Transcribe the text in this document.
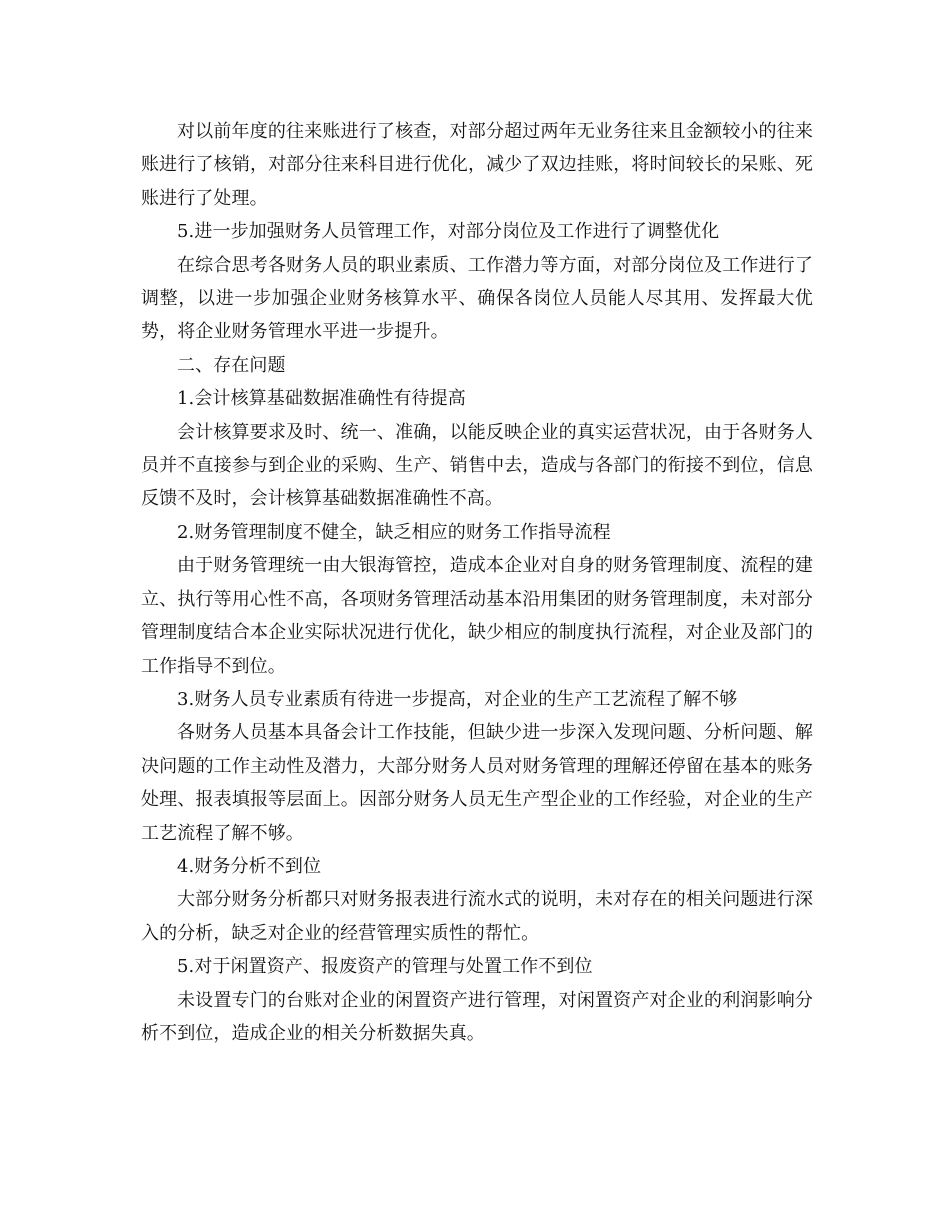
对以前年度的往来账进行了核查，对部分超过两年无业务往来且金额较小的往来账进行了核销，对部分往来科目进行优化，减少了双边挂账，将时间较长的呆账、死账进行了处理。

5.进一步加强财务人员管理工作，对部分岗位及工作进行了调整优化

在综合思考各财务人员的职业素质、工作潜力等方面，对部分岗位及工作进行了调整，以进一步加强企业财务核算水平、确保各岗位人员能人尽其用、发挥最大优势，将企业财务管理水平进一步提升。

二、存在问题

1.会计核算基础数据准确性有待提高

会计核算要求及时、统一、准确，以能反映企业的真实运营状况，由于各财务人员并不直接参与到企业的采购、生产、销售中去，造成与各部门的衔接不到位，信息反馈不及时，会计核算基础数据准确性不高。

2.财务管理制度不健全，缺乏相应的财务工作指导流程

由于财务管理统一由大银海管控，造成本企业对自身的财务管理制度、流程的建立、执行等用心性不高，各项财务管理活动基本沿用集团的财务管理制度，未对部分管理制度结合本企业实际状况进行优化，缺少相应的制度执行流程，对企业及部门的工作指导不到位。

3.财务人员专业素质有待进一步提高，对企业的生产工艺流程了解不够

各财务人员基本具备会计工作技能，但缺少进一步深入发现问题、分析问题、解决问题的工作主动性及潜力，大部分财务人员对财务管理的理解还停留在基本的账务处理、报表填报等层面上。因部分财务人员无生产型企业的工作经验，对企业的生产工艺流程了解不够。

4.财务分析不到位

大部分财务分析都只对财务报表进行流水式的说明，未对存在的相关问题进行深入的分析，缺乏对企业的经营管理实质性的帮忙。

5.对于闲置资产、报废资产的管理与处置工作不到位

未设置专门的台账对企业的闲置资产进行管理，对闲置资产对企业的利润影响分析不到位，造成企业的相关分析数据失真。
